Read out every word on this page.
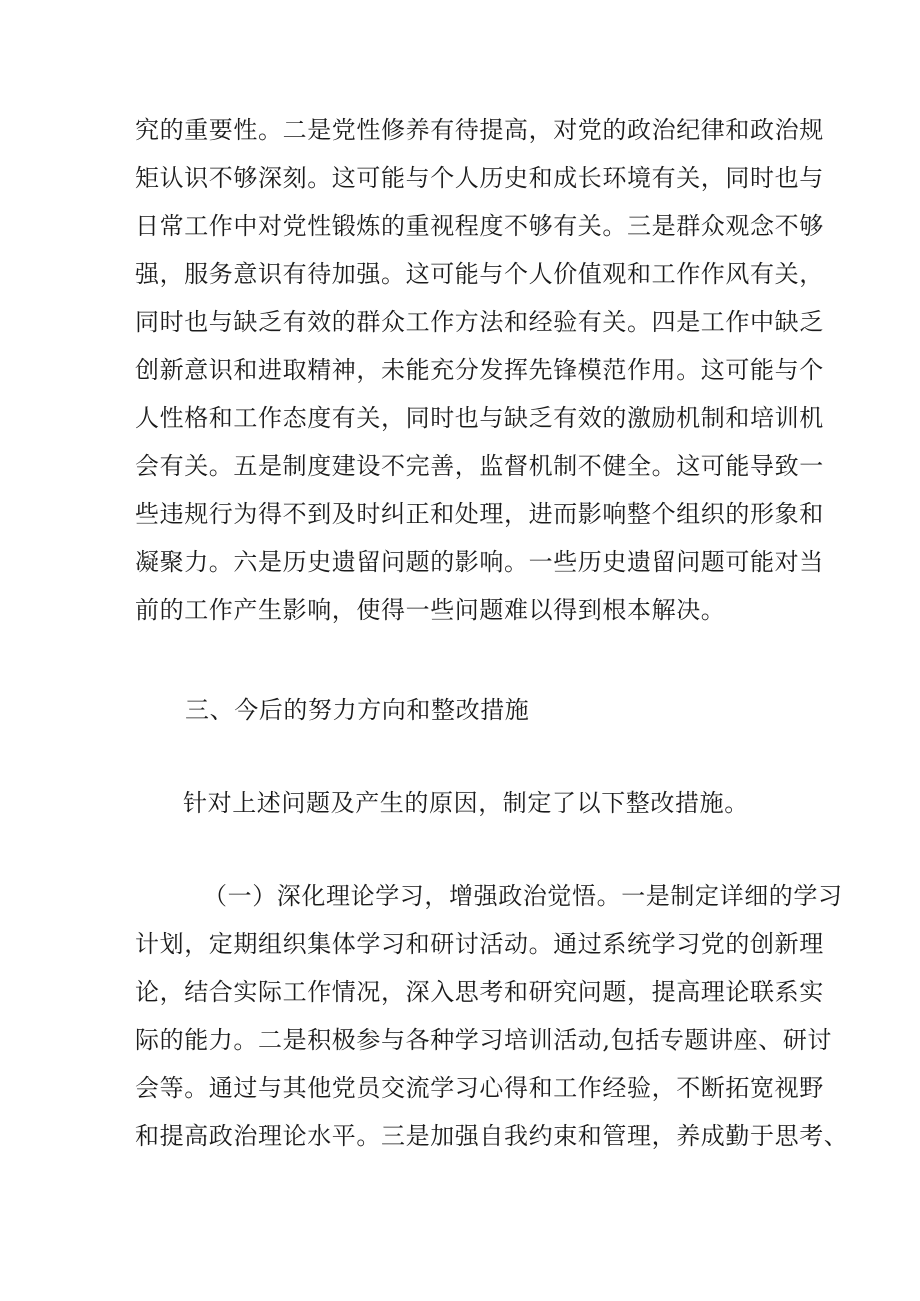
究的重要性。二是党性修养有待提高，对党的政治纪律和政治规
矩认识不够深刻。这可能与个人历史和成长环境有关，同时也与
日常工作中对党性锻炼的重视程度不够有关。三是群众观念不够
强，服务意识有待加强。这可能与个人价值观和工作作风有关，
同时也与缺乏有效的群众工作方法和经验有关。四是工作中缺乏
创新意识和进取精神，未能充分发挥先锋模范作用。这可能与个
人性格和工作态度有关，同时也与缺乏有效的激励机制和培训机
会有关。五是制度建设不完善，监督机制不健全。这可能导致一
些违规行为得不到及时纠正和处理，进而影响整个组织的形象和
凝聚力。六是历史遗留问题的影响。一些历史遗留问题可能对当
前的工作产生影响，使得一些问题难以得到根本解决。
三、今后的努力方向和整改措施
针对上述问题及产生的原因，制定了以下整改措施。
（一）深化理论学习，增强政治觉悟。一是制定详细的学习
计划，定期组织集体学习和研讨活动。通过系统学习党的创新理
论，结合实际工作情况，深入思考和研究问题，提高理论联系实
际的能力。二是积极参与各种学习培训活动,包括专题讲座、研讨
会等。通过与其他党员交流学习心得和工作经验，不断拓宽视野
和提高政治理论水平。三是加强自我约束和管理，养成勤于思考、
